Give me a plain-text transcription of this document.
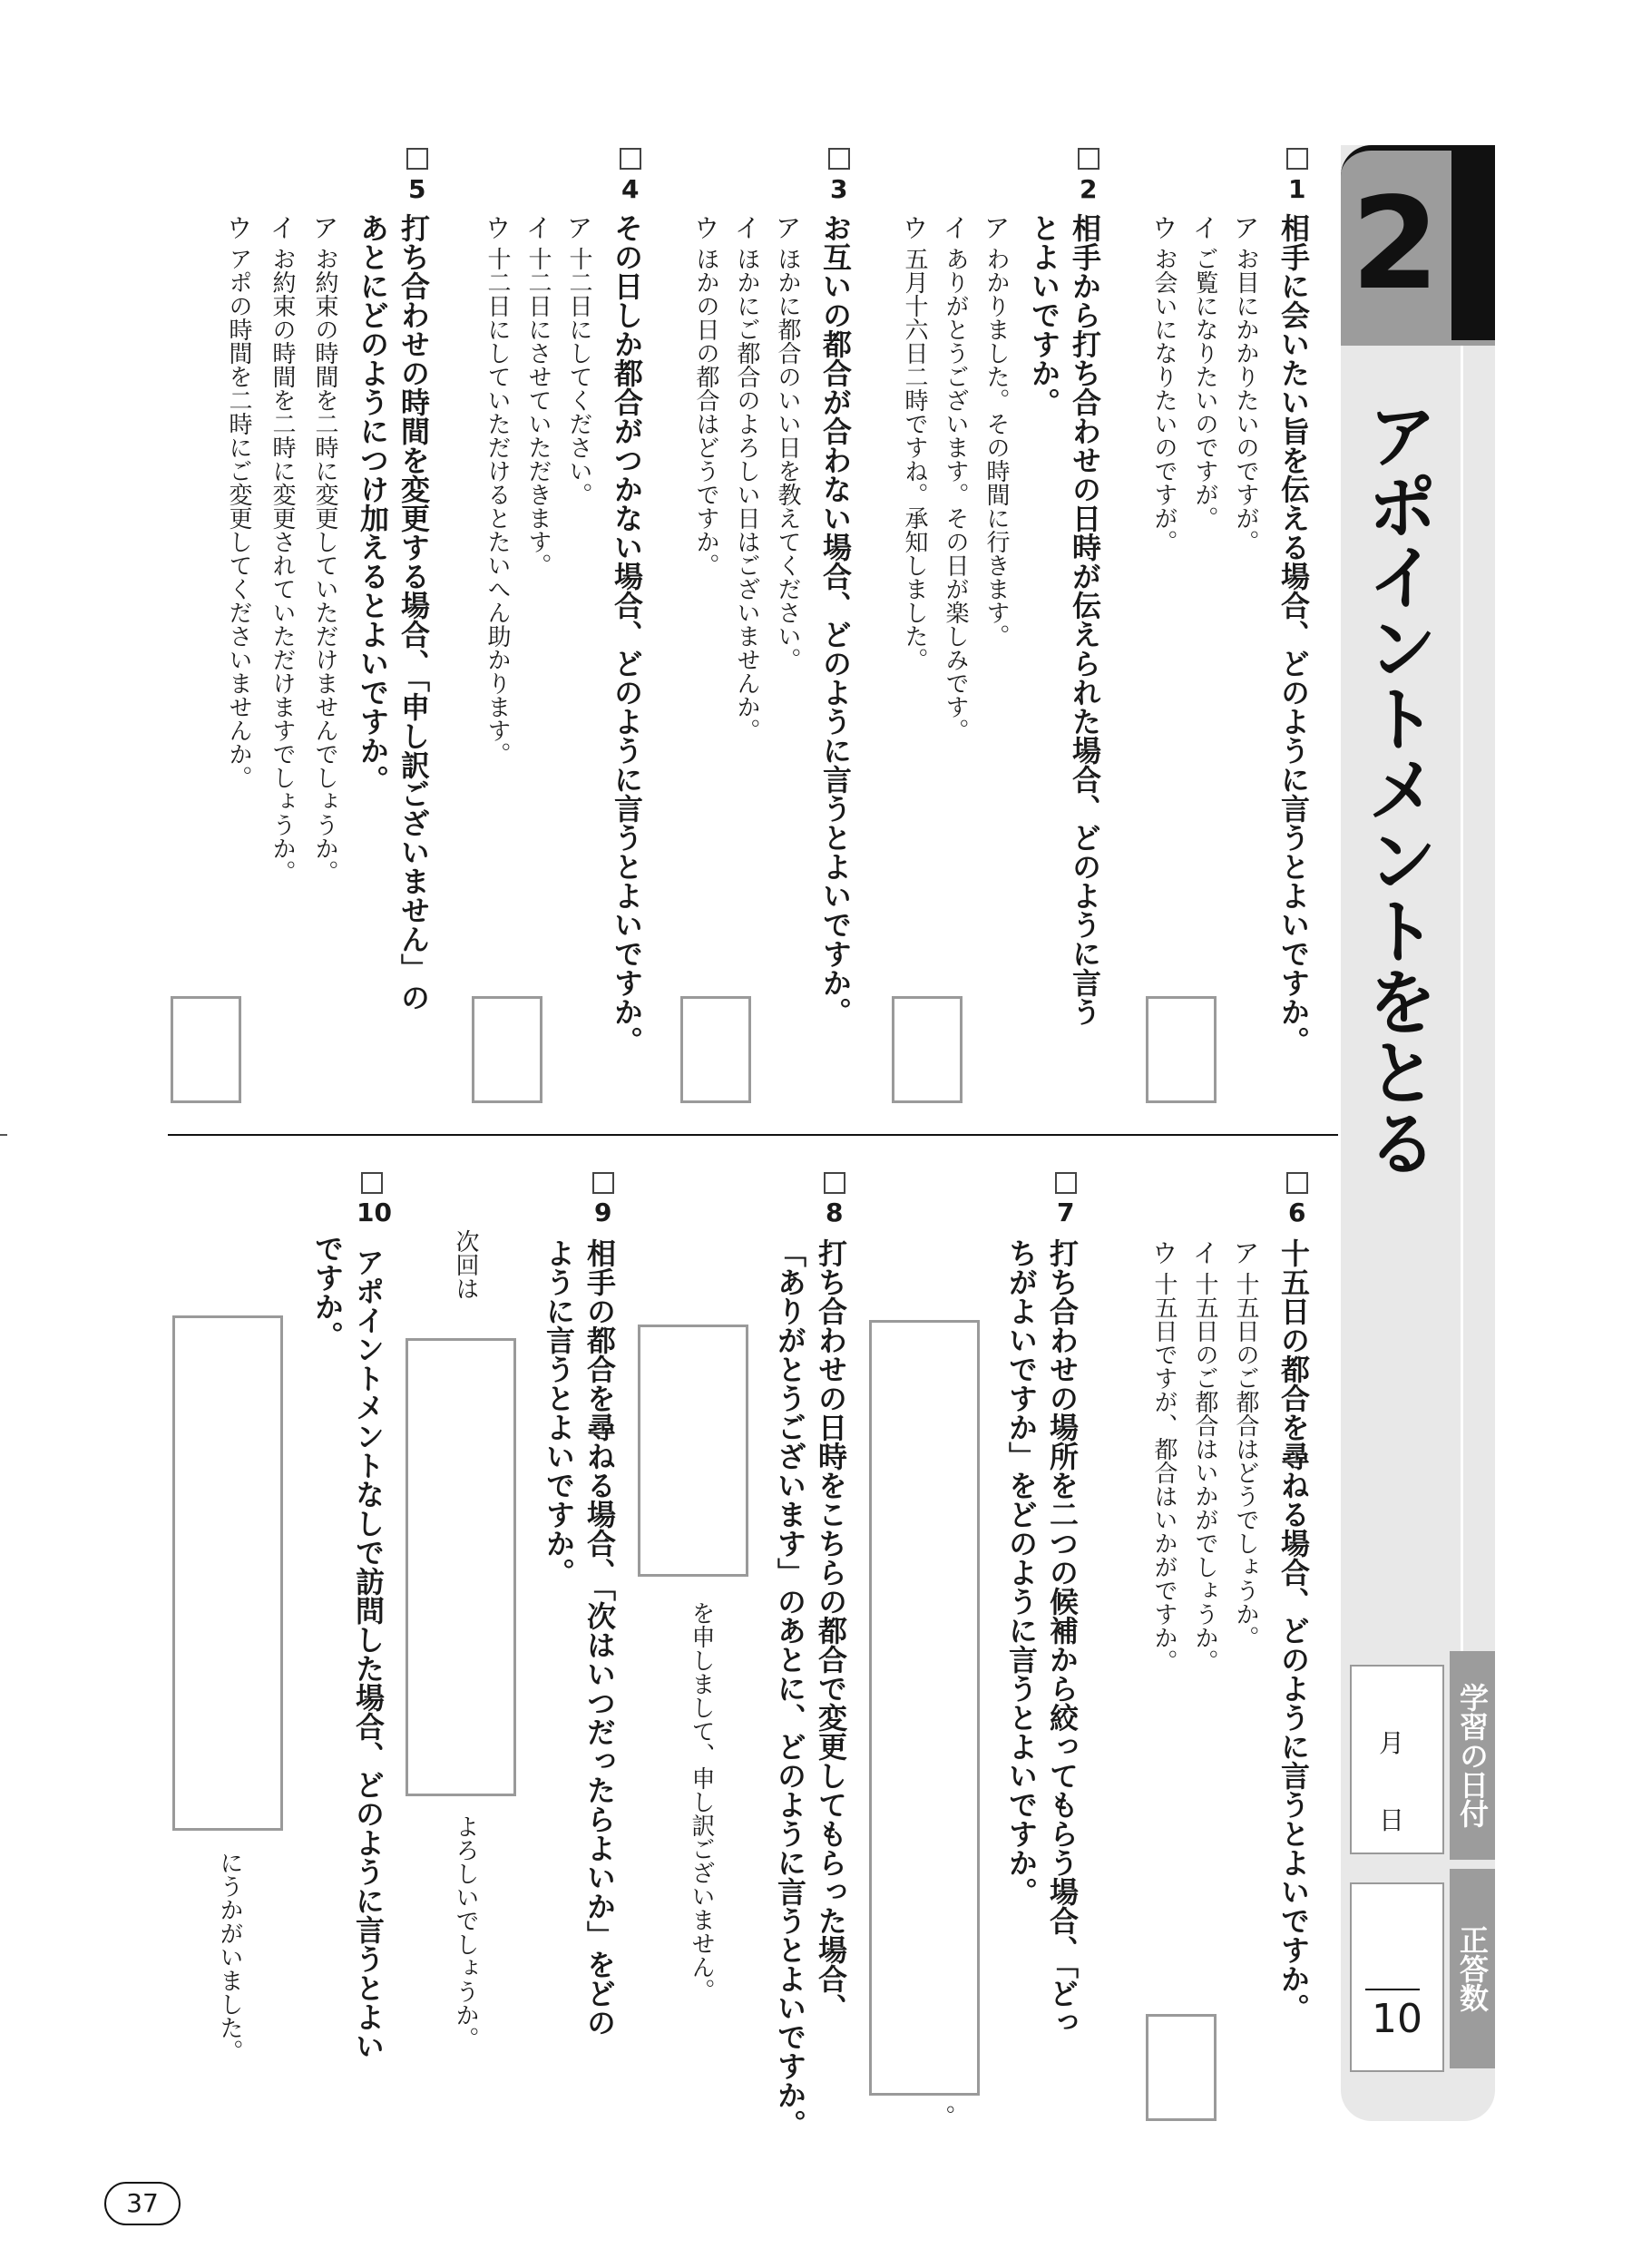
2
アポイントメントをとる
学習の日付
月
日
正答数
10
1
相手に会いたい旨を伝える場合、どのように言うとよいですか。
ア
お目にかかりたいのですが。
イ
ご覧になりたいのですが。
ウ
お会いになりたいのですが。
2
相手から打ち合わせの日時が伝えられた場合、どのように言う
とよいですか。
ア
わかりました。その時間に行きます。
イ
ありがとうございます。その日が楽しみです。
ウ
五月十六日二時ですね。承知しました。
3
お互いの都合が合わない場合、どのように言うとよいですか。
ア
ほかに都合のいい日を教えてください。
イ
ほかにご都合のよろしい日はございませんか。
ウ
ほかの日の都合はどうですか。
4
その日しか都合がつかない場合、どのように言うとよいですか。
ア
十二日にしてください。
イ
十二日にさせていただきます。
ウ
十二日にしていただけるとたいへん助かります。
5
打ち合わせの時間を変更する場合、「申し訳ございません」の
あとにどのようにつけ加えるとよいですか。
ア
お約束の時間を二時に変更していただけませんでしょうか。
イ
お約束の時間を二時に変更されていただけますでしょうか。
ウ
アポの時間を二時にご変更してくださいませんか。
6
十五日の都合を尋ねる場合、どのように言うとよいですか。
ア
十五日のご都合はどうでしょうか。
イ
十五日のご都合はいかがでしょうか。
ウ
十五日ですが、都合はいかがですか。
7
打ち合わせの場所を二つの候補から絞ってもらう場合、「どっ
ちがよいですか」をどのように言うとよいですか。
。
8
打ち合わせの日時をこちらの都合で変更してもらった場合、
「ありがとうございます」のあとに、どのように言うとよいですか。
を申しまして、申し訳ございません。
9
相手の都合を尋ねる場合、「次はいつだったらよいか」をどの
ように言うとよいですか。
次回は
よろしいでしょうか。
10
アポイントメントなしで訪問した場合、どのように言うとよい
ですか。
にうかがいました。
37
